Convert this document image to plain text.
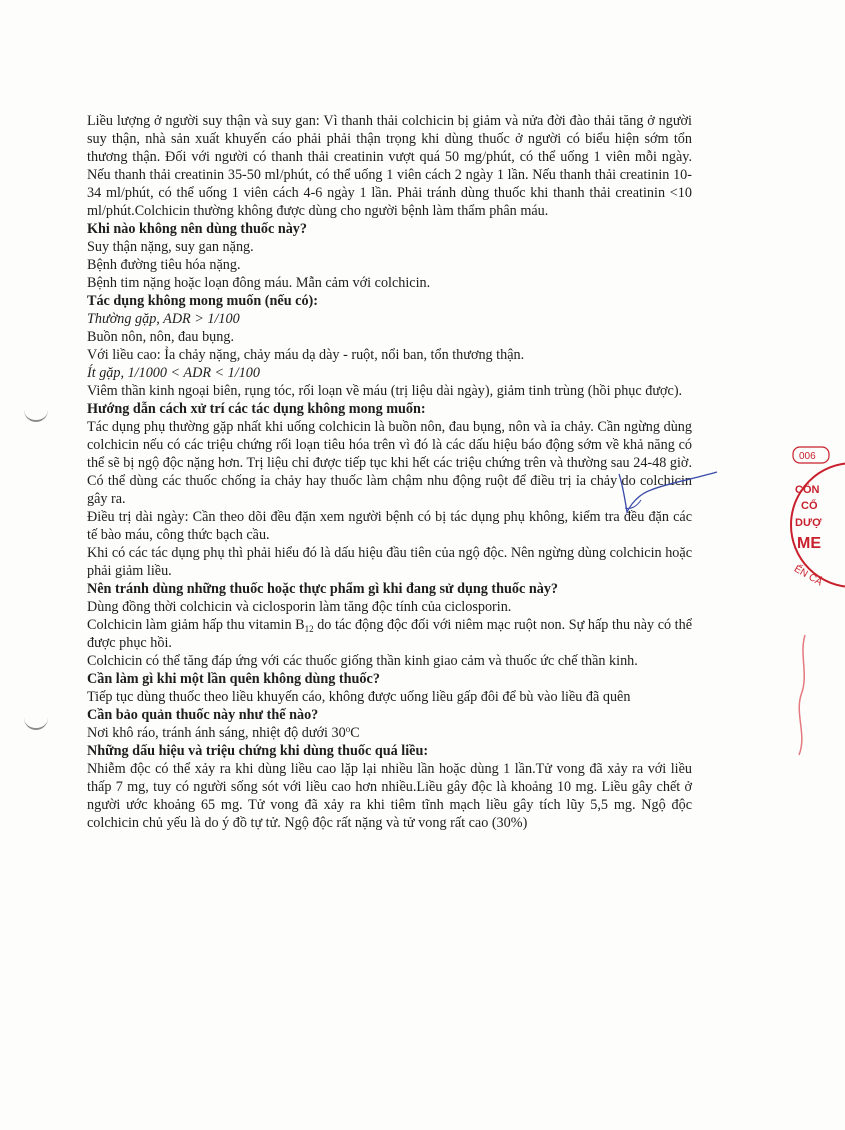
Liều lượng ở người suy thận và suy gan: Vì thanh thải colchicin bị giảm và nửa đời đào thải tăng ở người suy thận, nhà sản xuất khuyến cáo phải phải thận trọng khi dùng thuốc ở người có biểu hiện sớm tổn thương thận. Đối với người có thanh thải creatinin vượt quá 50 mg/phút, có thể uống 1 viên mỗi ngày. Nếu thanh thải creatinin 35-50 ml/phút, có thể uống 1 viên cách 2 ngày 1 lần. Nếu thanh thải creatinin 10-34 ml/phút, có thể uống 1 viên cách 4-6 ngày 1 lần. Phải tránh dùng thuốc khi thanh thải creatinin <10 ml/phút.Colchicin thường không được dùng cho người bệnh làm thẩm phân máu.

Khi nào không nên dùng thuốc này?

Suy thận nặng, suy gan nặng.

Bệnh đường tiêu hóa nặng.

Bệnh tim nặng hoặc loạn đông máu. Mẫn cảm với colchicin.

Tác dụng không mong muốn (nếu có):

Thường gặp, ADR > 1/100

Buồn nôn, nôn, đau bụng.

Với liều cao: Ỉa chảy nặng, chảy máu dạ dày - ruột, nổi ban, tổn thương thận.

Ít gặp, 1/1000 < ADR < 1/100

Viêm thần kinh ngoại biên, rụng tóc, rối loạn về máu (trị liệu dài ngày), giảm tinh trùng (hồi phục được).

Hướng dẫn cách xử trí các tác dụng không mong muốn:

Tác dụng phụ thường gặp nhất khi uống colchicin là buồn nôn, đau bụng, nôn và ỉa chảy. Cần ngừng dùng colchicin nếu có các triệu chứng rối loạn tiêu hóa trên vì đó là các dấu hiệu báo động sớm về khả năng có thể sẽ bị ngộ độc nặng hơn. Trị liệu chỉ được tiếp tục khi hết các triệu chứng trên và thường sau 24-48 giờ. Có thể dùng các thuốc chống ỉa chảy hay thuốc làm chậm nhu động ruột để điều trị ỉa chảy do colchicin gây ra.

Điều trị dài ngày: Cần theo dõi đều đặn xem người bệnh có bị tác dụng phụ không, kiểm tra đều đặn các tế bào máu, công thức bạch cầu.

Khi có các tác dụng phụ thì phải hiểu đó là dấu hiệu đầu tiên của ngộ độc. Nên ngừng dùng colchicin hoặc phải giảm liều.

Nên tránh dùng những thuốc hoặc thực phẩm gì khi đang sử dụng thuốc này?

Dùng đồng thời colchicin và ciclosporin làm tăng độc tính của ciclosporin.

Colchicin làm giảm hấp thu vitamin $B_{12}$ do tác động độc đối với niêm mạc ruột non. Sự hấp thu này có thể được phục hồi.

Colchicin có thể tăng đáp ứng với các thuốc giống thần kinh giao cảm và thuốc ức chế thần kinh.

Cần làm gì khi một lần quên không dùng thuốc?

Tiếp tục dùng thuốc theo liều khuyến cáo, không được uống liều gấp đôi để bù vào liều đã quên

Cần bảo quản thuốc này như thế nào?

Nơi khô ráo, tránh ánh sáng, nhiệt độ dưới 30$^o$C

Những dấu hiệu và triệu chứng khi dùng thuốc quá liều:

Nhiễm độc có thể xảy ra khi dùng liều cao lặp lại nhiều lần hoặc dùng 1 lần.Tử vong đã xảy ra với liều thấp 7 mg, tuy có người sống sót với liều cao hơn nhiều.Liều gây độc là khoảng 10 mg. Liều gây chết ở người ước khoảng 65 mg. Tử vong đã xảy ra khi tiêm tĩnh mạch liều gây tích lũy 5,5 mg. Ngộ độc colchicin chủ yếu là do ý đồ tự tử. Ngộ độc rất nặng và tử vong rất cao (30%)

006
CÔN
CỔ
DƯỢ
ME
ẾN CÂ
